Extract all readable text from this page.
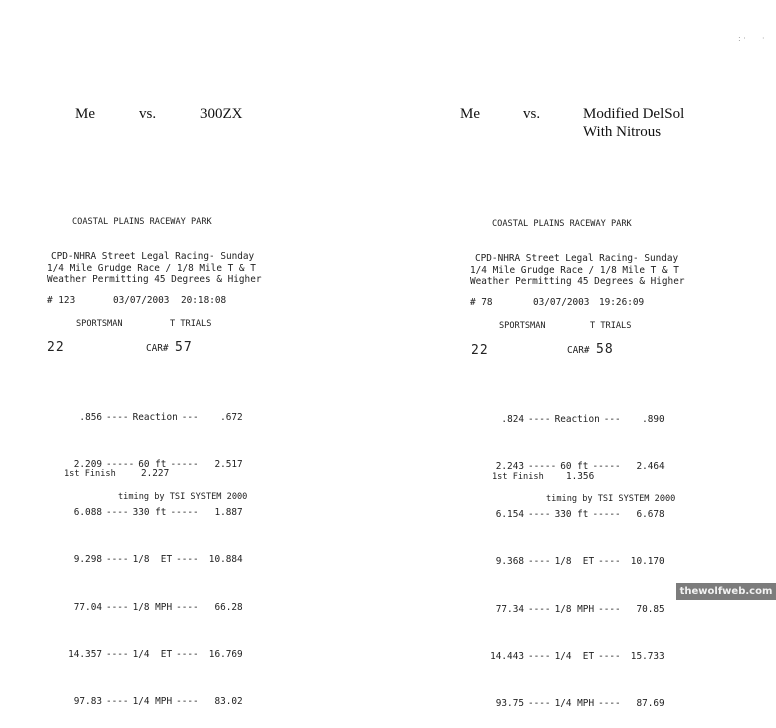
Me	vs.	300ZX
COASTAL PLAINS RACEWAY PARK
CPD-NHRA Street Legal Racing- Sunday
1/4 Mile Grudge Race / 1/8 Mile T & T
Weather Permitting 45 Degrees & Higher
# 123	03/07/2003 20:18:08
SPORTSMAN	T TRIALS
22	CAR# 57

.856 ---- Reaction --- .672

2.209 ----- 60 ft ----- 2.517

6.088 ---- 330 ft ----- 1.887

9.298 ---- 1/8  ET ---- 10.884

77.04 ---- 1/8 MPH ---- 66.28

14.357 ---- 1/4  ET ---- 16.769

97.83 ---- 1/4 MPH ---- 83.02

1st Finish	2.227
timing by TSI SYSTEM 2000
Me	vs.	Modified DelSol
With Nitrous
COASTAL PLAINS RACEWAY PARK
CPD-NHRA Street Legal Racing- Sunday
1/4 Mile Grudge Race / 1/8 Mile T & T
Weather Permitting 45 Degrees & Higher
# 78	03/07/2003 19:26:09
SPORTSMAN	T TRIALS
22	CAR# 58

.824 ---- Reaction --- .890

2.243 ----- 60 ft ----- 2.464

6.154 ---- 330 ft ----- 6.678

9.368 ---- 1/8  ET ---- 10.170

77.34 ---- 1/8 MPH ---- 70.85

14.443 ---- 1/4  ET ---- 15.733

93.75 ---- 1/4 MPH ---- 87.69

1st Finish 1.356
timing by TSI SYSTEM 2000
: · ·
thewolfweb.com
